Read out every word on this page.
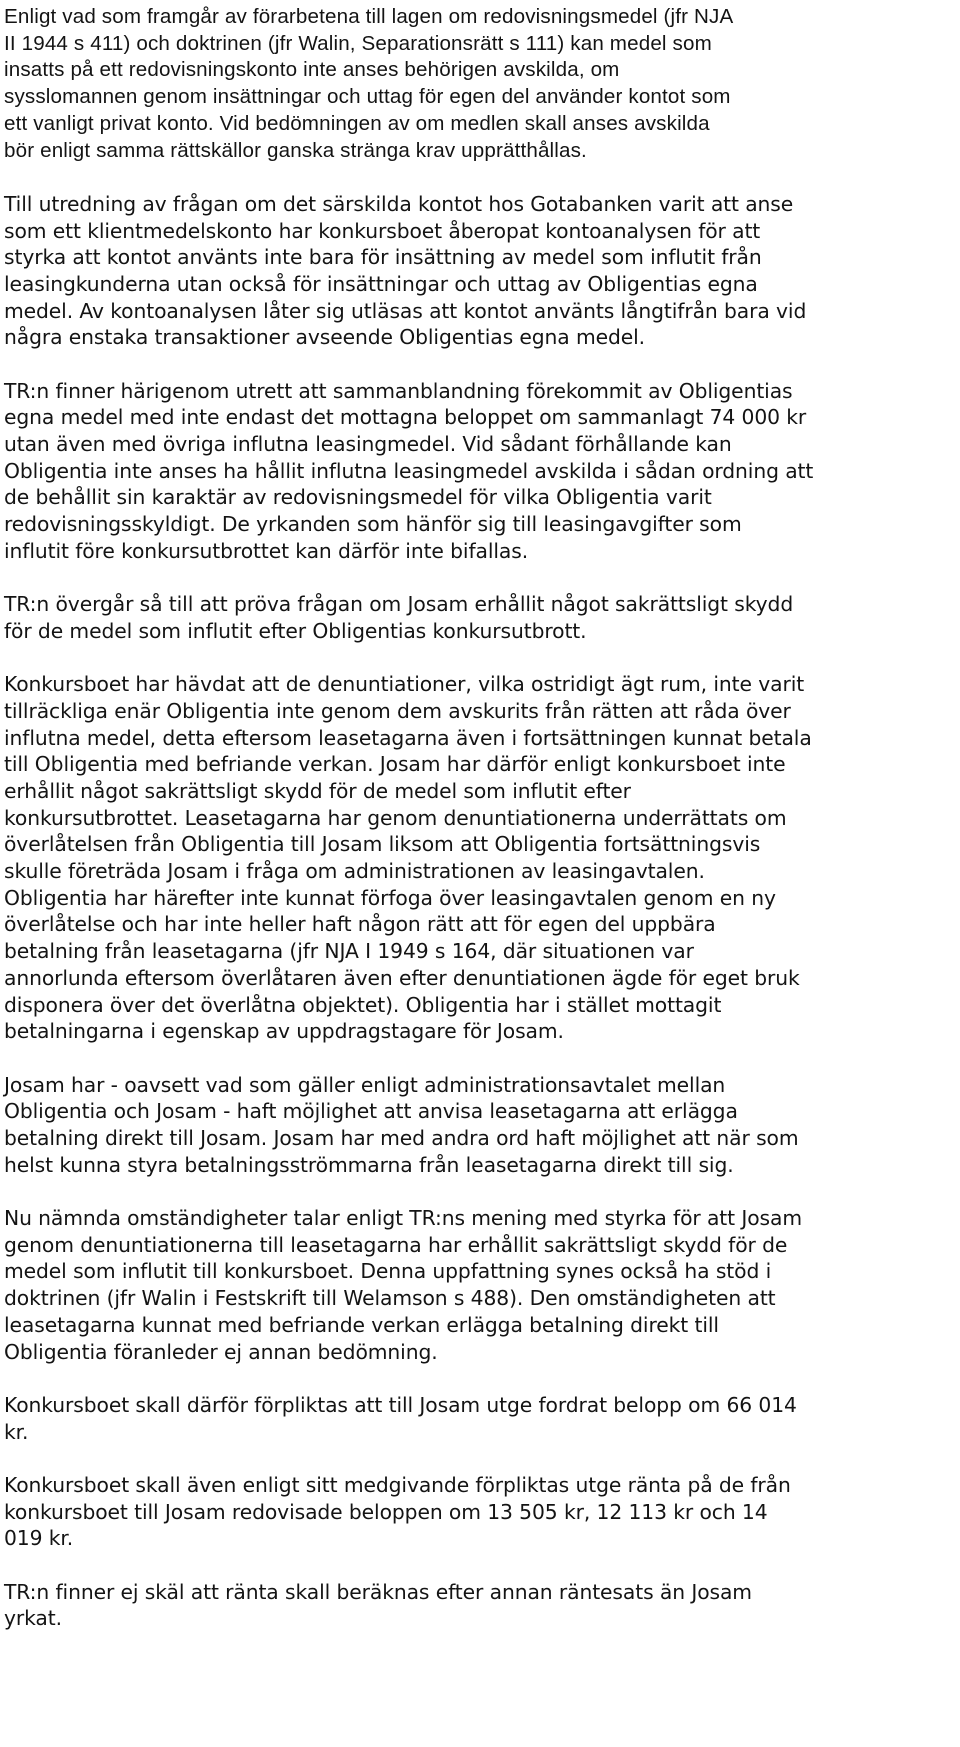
Enligt vad som framgår av förarbetena till lagen om redovisningsmedel (jfr NJA
II 1944 s 411) och doktrinen (jfr Walin, Separationsrätt s 111) kan medel som
insatts på ett redovisningskonto inte anses behörigen avskilda, om
sysslomannen genom insättningar och uttag för egen del använder kontot som
ett vanligt privat konto. Vid bedömningen av om medlen skall anses avskilda
bör enligt samma rättskällor ganska stränga krav upprätthållas.
Till utredning av frågan om det särskilda kontot hos Gotabanken varit att anse
som ett klientmedelskonto har konkursboet åberopat kontoanalysen för att
styrka att kontot använts inte bara för insättning av medel som influtit från
leasingkunderna utan också för insättningar och uttag av Obligentias egna
medel. Av kontoanalysen låter sig utläsas att kontot använts långtifrån bara vid
några enstaka transaktioner avseende Obligentias egna medel.
TR:n finner härigenom utrett att sammanblandning förekommit av Obligentias
egna medel med inte endast det mottagna beloppet om sammanlagt 74 000 kr
utan även med övriga influtna leasingmedel. Vid sådant förhållande kan
Obligentia inte anses ha hållit influtna leasingmedel avskilda i sådan ordning att
de behållit sin karaktär av redovisningsmedel för vilka Obligentia varit
redovisningsskyldigt. De yrkanden som hänför sig till leasingavgifter som
influtit före konkursutbrottet kan därför inte bifallas.
TR:n övergår så till att pröva frågan om Josam erhållit något sakrättsligt skydd
för de medel som influtit efter Obligentias konkursutbrott.
Konkursboet har hävdat att de denuntiationer, vilka ostridigt ägt rum, inte varit
tillräckliga enär Obligentia inte genom dem avskurits från rätten att råda över
influtna medel, detta eftersom leasetagarna även i fortsättningen kunnat betala
till Obligentia med befriande verkan. Josam har därför enligt konkursboet inte
erhållit något sakrättsligt skydd för de medel som influtit efter
konkursutbrottet. Leasetagarna har genom denuntiationerna underrättats om
överlåtelsen från Obligentia till Josam liksom att Obligentia fortsättningsvis
skulle företräda Josam i fråga om administrationen av leasingavtalen.
Obligentia har härefter inte kunnat förfoga över leasingavtalen genom en ny
överlåtelse och har inte heller haft någon rätt att för egen del uppbära
betalning från leasetagarna (jfr NJA I 1949 s 164, där situationen var
annorlunda eftersom överlåtaren även efter denuntiationen ägde för eget bruk
disponera över det överlåtna objektet). Obligentia har i stället mottagit
betalningarna i egenskap av uppdragstagare för Josam.
Josam har - oavsett vad som gäller enligt administrationsavtalet mellan
Obligentia och Josam - haft möjlighet att anvisa leasetagarna att erlägga
betalning direkt till Josam. Josam har med andra ord haft möjlighet att när som
helst kunna styra betalningsströmmarna från leasetagarna direkt till sig.
Nu nämnda omständigheter talar enligt TR:ns mening med styrka för att Josam
genom denuntiationerna till leasetagarna har erhållit sakrättsligt skydd för de
medel som influtit till konkursboet. Denna uppfattning synes också ha stöd i
doktrinen (jfr Walin i Festskrift till Welamson s 488). Den omständigheten att
leasetagarna kunnat med befriande verkan erlägga betalning direkt till
Obligentia föranleder ej annan bedömning.
Konkursboet skall därför förpliktas att till Josam utge fordrat belopp om 66 014
kr.
Konkursboet skall även enligt sitt medgivande förpliktas utge ränta på de från
konkursboet till Josam redovisade beloppen om 13 505 kr, 12 113 kr och 14
019 kr.
TR:n finner ej skäl att ränta skall beräknas efter annan räntesats än Josam
yrkat.
